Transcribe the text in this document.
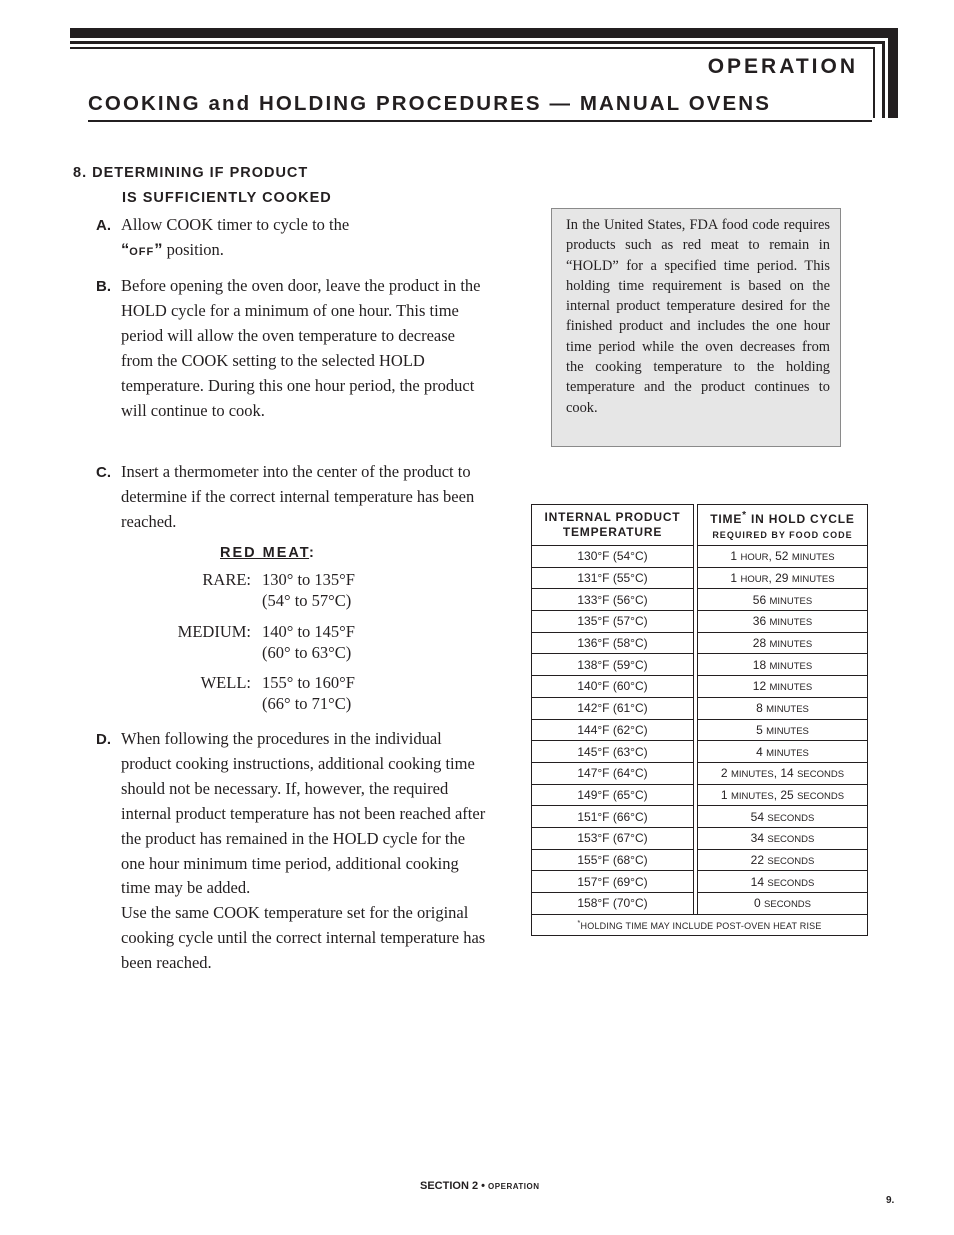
OPERATION
COOKING and HOLDING PROCEDURES — MANUAL OVENS
8. DETERMINING IF PRODUCT
IS SUFFICIENTLY COOKED
A. Allow COOK timer to cycle to the
“OFF” position.
B. Before opening the oven door, leave the product in the HOLD cycle for a minimum of one hour. This time period will allow the oven temperature to decrease from the COOK setting to the selected HOLD temperature. During this one hour period, the product will continue to cook.
C. Insert a thermometer into the center of the product to determine if the correct internal temperature has been reached.
RED MEAT:
RARE: 130° to 135°F
(54° to 57°C)
MEDIUM: 140° to 145°F
(60° to 63°C)
WELL: 155° to 160°F
(66° to 71°C)
D. When following the procedures in the individual product cooking instructions, additional cooking time should not be necessary. If, however, the required internal product temperature has not been reached after the product has remained in the HOLD cycle for the one hour minimum time period, additional cooking time may be added.
Use the same COOK temperature set for the original cooking cycle until the correct internal temperature has been reached.
In the United States, FDA food code requires products such as red meat to remain in “HOLD” for a specified time period. This holding time requirement is based on the internal product temperature desired for the finished product and includes the one hour time period while the oven decreases from the cooking temperature to the holding temperature and the product continues to cook.
INTERNAL PRODUCT
TEMPERATURE		TIME* IN HOLD CYCLE
REQUIRED BY FOOD CODE
130°F (54°C)		1 HOUR, 52 MINUTES
131°F (55°C)		1 HOUR, 29 MINUTES
133°F (56°C)		56 MINUTES
135°F (57°C)		36 MINUTES
136°F (58°C)		28 MINUTES
138°F (59°C)		18 MINUTES
140°F (60°C)		12 MINUTES
142°F (61°C)		8 MINUTES
144°F (62°C)		5 MINUTES
145°F (63°C)		4 MINUTES
147°F (64°C)		2 MINUTES, 14 SECONDS
149°F (65°C)		1 MINUTES, 25 SECONDS
151°F (66°C)		54 SECONDS
153°F (67°C)		34 SECONDS
155°F (68°C)		22 SECONDS
157°F (69°C)		14 SECONDS
158°F (70°C)		0 SECONDS
*HOLDING TIME MAY INCLUDE POST-OVEN HEAT RISE		
SECTION 2 • OPERATION
9.
